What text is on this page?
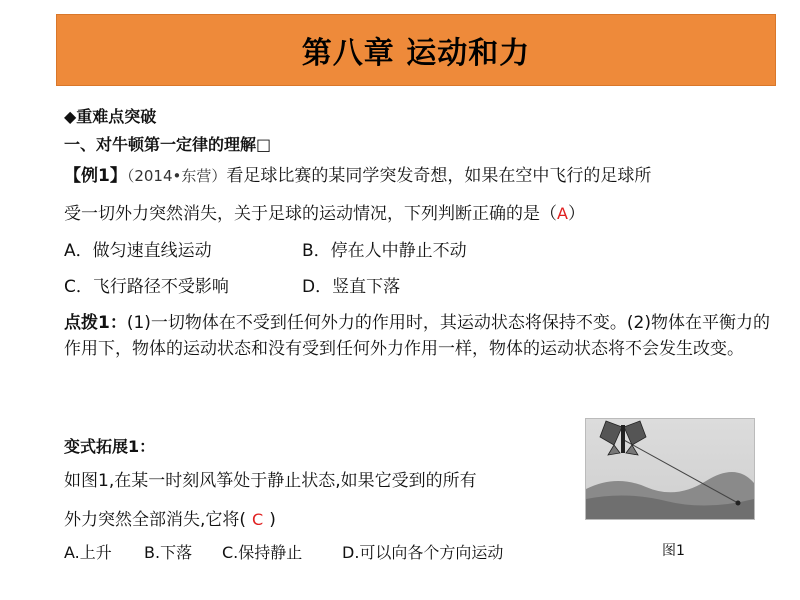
第八章 运动和力
◆重难点突破
一、对牛顿第一定律的理解□
【例1】（2014•东营）看足球比赛的某同学突发奇想，如果在空中飞行的足球所
受一切外力突然消失，关于足球的运动情况，下列判断正确的是（A）
A．做匀速直线运动	B．停在人中静止不动
C．飞行路径不受影响	D．竖直下落
点拨1：(1)一切物体在不受到任何外力的作用时，其运动状态将保持不变。(2)物体在平衡力的作用下，物体的运动状态和没有受到任何外力作用一样，物体的运动状态将不会发生改变。
变式拓展1：
如图1,在某一时刻风筝处于静止状态,如果它受到的所有
外力突然全部消失,它将( C )
A.上升 B.下落 C.保持静止 D.可以向各个方向运动	图1
